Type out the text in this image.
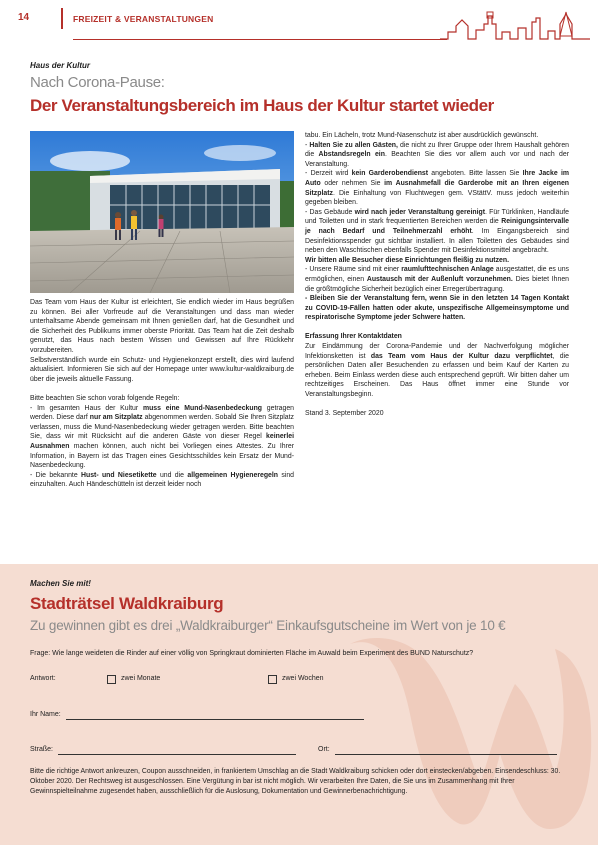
14	FREIZEIT & VERANSTALTUNGEN
Haus der Kultur
Nach Corona-Pause:
Der Veranstaltungsbereich im Haus der Kultur startet wieder

Das Team vom Haus der Kultur ist erleichtert, Sie endlich wieder im Haus begrüßen zu können. Bei aller Vorfreude auf die Veranstaltungen und dass man wieder unterhaltsame Abende gemeinsam mit Ihnen genießen darf, hat die Gesundheit und die Sicherheit des Publikums immer oberste Priorität. Das Team hat die Zeit deshalb genutzt, das Haus nach bestem Wissen und Gewissen auf Ihre Rückkehr vorzubereiten.

Selbstverständlich wurde ein Schutz- und Hygienekonzept erstellt, dies wird laufend aktualisiert. Informieren Sie sich auf der Homepage unter www.kultur-waldkraiburg.de über die jeweils aktuelle Fassung.

Bitte beachten Sie schon vorab folgende Regeln:

- Im gesamten Haus der Kultur muss eine Mund-Nasenbedeckung getragen werden. Diese darf nur am Sitzplatz abgenommen werden. Sobald Sie Ihren Sitzplatz verlassen, muss die Mund-Nasenbedeckung wieder getragen werden. Bitte beachten Sie, dass wir mit Rücksicht auf die anderen Gäste von dieser Regel keinerlei Ausnahmen machen können, auch nicht bei Vorliegen eines Attestes. Zu Ihrer Information, in Bayern ist das Tragen eines Gesichtsschildes kein Ersatz der Mund-Nasenbedeckung.

- Die bekannte Hust- und Niesetikette und die allgemeinen Hygieneregeln sind einzuhalten. Auch Händeschütteln ist derzeit leider noch

tabu. Ein Lächeln, trotz Mund-Nasenschutz ist aber ausdrücklich gewünscht.

- Halten Sie zu allen Gästen, die nicht zu Ihrer Gruppe oder Ihrem Haushalt gehören die Abstandsregeln ein. Beachten Sie dies vor allem auch vor und nach der Veranstaltung.

- Derzeit wird kein Garderobendienst angeboten. Bitte lassen Sie Ihre Jacke im Auto oder nehmen Sie im Ausnahmefall die Garderobe mit an Ihren eigenen Sitzplatz. Die Einhaltung von Fluchtwegen gem. VStättV. muss jedoch weiterhin gegeben bleiben.

- Das Gebäude wird nach jeder Veranstaltung gereinigt. Für Türklinken, Handläufe und Toiletten und in stark frequentierten Bereichen werden die Reinigungsintervalle je nach Bedarf und Teilnehmerzahl erhöht. Im Eingangsbereich sind Desinfektionsspender gut sichtbar installiert. In allen Toiletten des Gebäudes sind neben den Waschtischen ebenfalls Spender mit Desinfektionsmittel angebracht.

Wir bitten alle Besucher diese Einrichtungen fleißig zu nutzen.

- Unsere Räume sind mit einer raumlufttechnischen Anlage ausgestattet, die es uns ermöglichen, einen Austausch mit der Außenluft vorzunehmen. Dies bietet Ihnen die größtmögliche Sicherheit bezüglich einer Erregerübertragung.

- Bleiben Sie der Veranstaltung fern, wenn Sie in den letzten 14 Tagen Kontakt zu COVID-19-Fällen hatten oder akute, unspezifische Allgemeinsymptome und respiratorische Symptome jeder Schwere hatten.

Erfassung Ihrer Kontaktdaten

Zur Eindämmung der Corona-Pandemie und der Nachverfolgung möglicher Infektionsketten ist das Team vom Haus der Kultur dazu verpflichtet, die persönlichen Daten aller Besuchenden zu erfassen und beim Kauf der Karten zu erheben. Beim Einlass werden diese auch entsprechend geprüft. Wir bitten daher um rechtzeitiges Erscheinen. Das Haus öffnet immer eine Stunde vor Veranstaltungsbeginn.

Stand 3. September 2020

Machen Sie mit!
Stadträtsel Waldkraiburg
Zu gewinnen gibt es drei „Waldkraiburger“ Einkaufsgutscheine im Wert von je 10 €
Frage: Wie lange weideten die Rinder auf einer völlig von Springkraut dominierten Fläche im Auwald beim Experiment des BUND Naturschutz?
Antwort:	zwei Monate	zwei Wochen
Ihr Name:
Straße:	Ort:
Bitte die richtige Antwort ankreuzen, Coupon ausschneiden, in frankiertem Umschlag an die Stadt Waldkraiburg schicken oder dort einstecken/abgeben. Einsendeschluss: 30. Oktober 2020. Der Rechtsweg ist ausgeschlossen. Eine Vergütung in bar ist nicht möglich. Wir verarbeiten Ihre Daten, die Sie uns im Zusammenhang mit Ihrer Gewinnspielteilnahme zugesendet haben, ausschließlich für die Auslosung, Dokumentation und Gewinnerbenachrichtigung.
